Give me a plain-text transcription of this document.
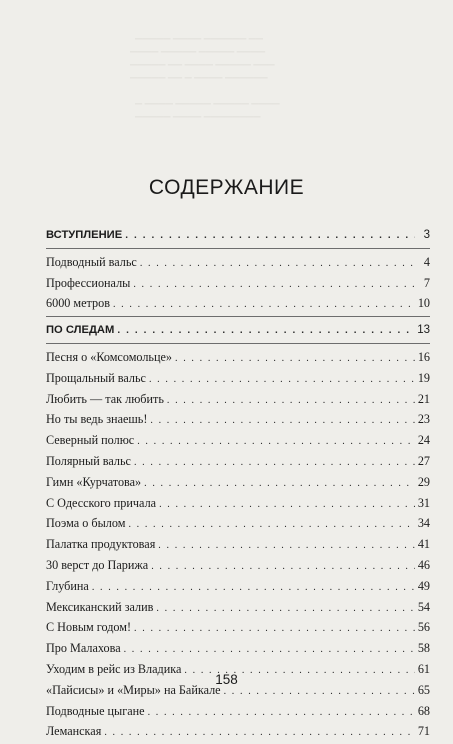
───── ──── ────── ──
──── ───── ───── ────
───── ── ──── ───── ───
───── ── ─ ──── ──────

─ ──── ───── ───── ────
───── ──── ────────
СОДЕРЖАНИЕ
ВСТУПЛЕНИЕ . . .	3
Подводный вальс . . .	4
Профессионалы . . .	7
6000 метров . . .	10
ПО СЛЕДАМ . . .	13
Песня о «Комсомольце» . . .	16
Прощальный вальс . . .	19
Любить — так любить . . .	21
Но ты ведь знаешь! . . .	23
Северный полюс . . .	24
Полярный вальс . . .	27
Гимн «Курчатова» . . .	29
С Одесского причала . . .	31
Поэма о былом . . .	34
Палатка продуктовая . . .	41
30 верст до Парижа . . .	46
Глубина . . .	49
Мексиканский залив . . .	54
С Новым годом! . . .	56
Про Малахова . . .	58
Уходим в рейс из Владика . . .	61
«Пайсисы» и «Миры» на Байкале . . .	65
Подводные цыгане . . .	68
Леманская . . .	71
158
